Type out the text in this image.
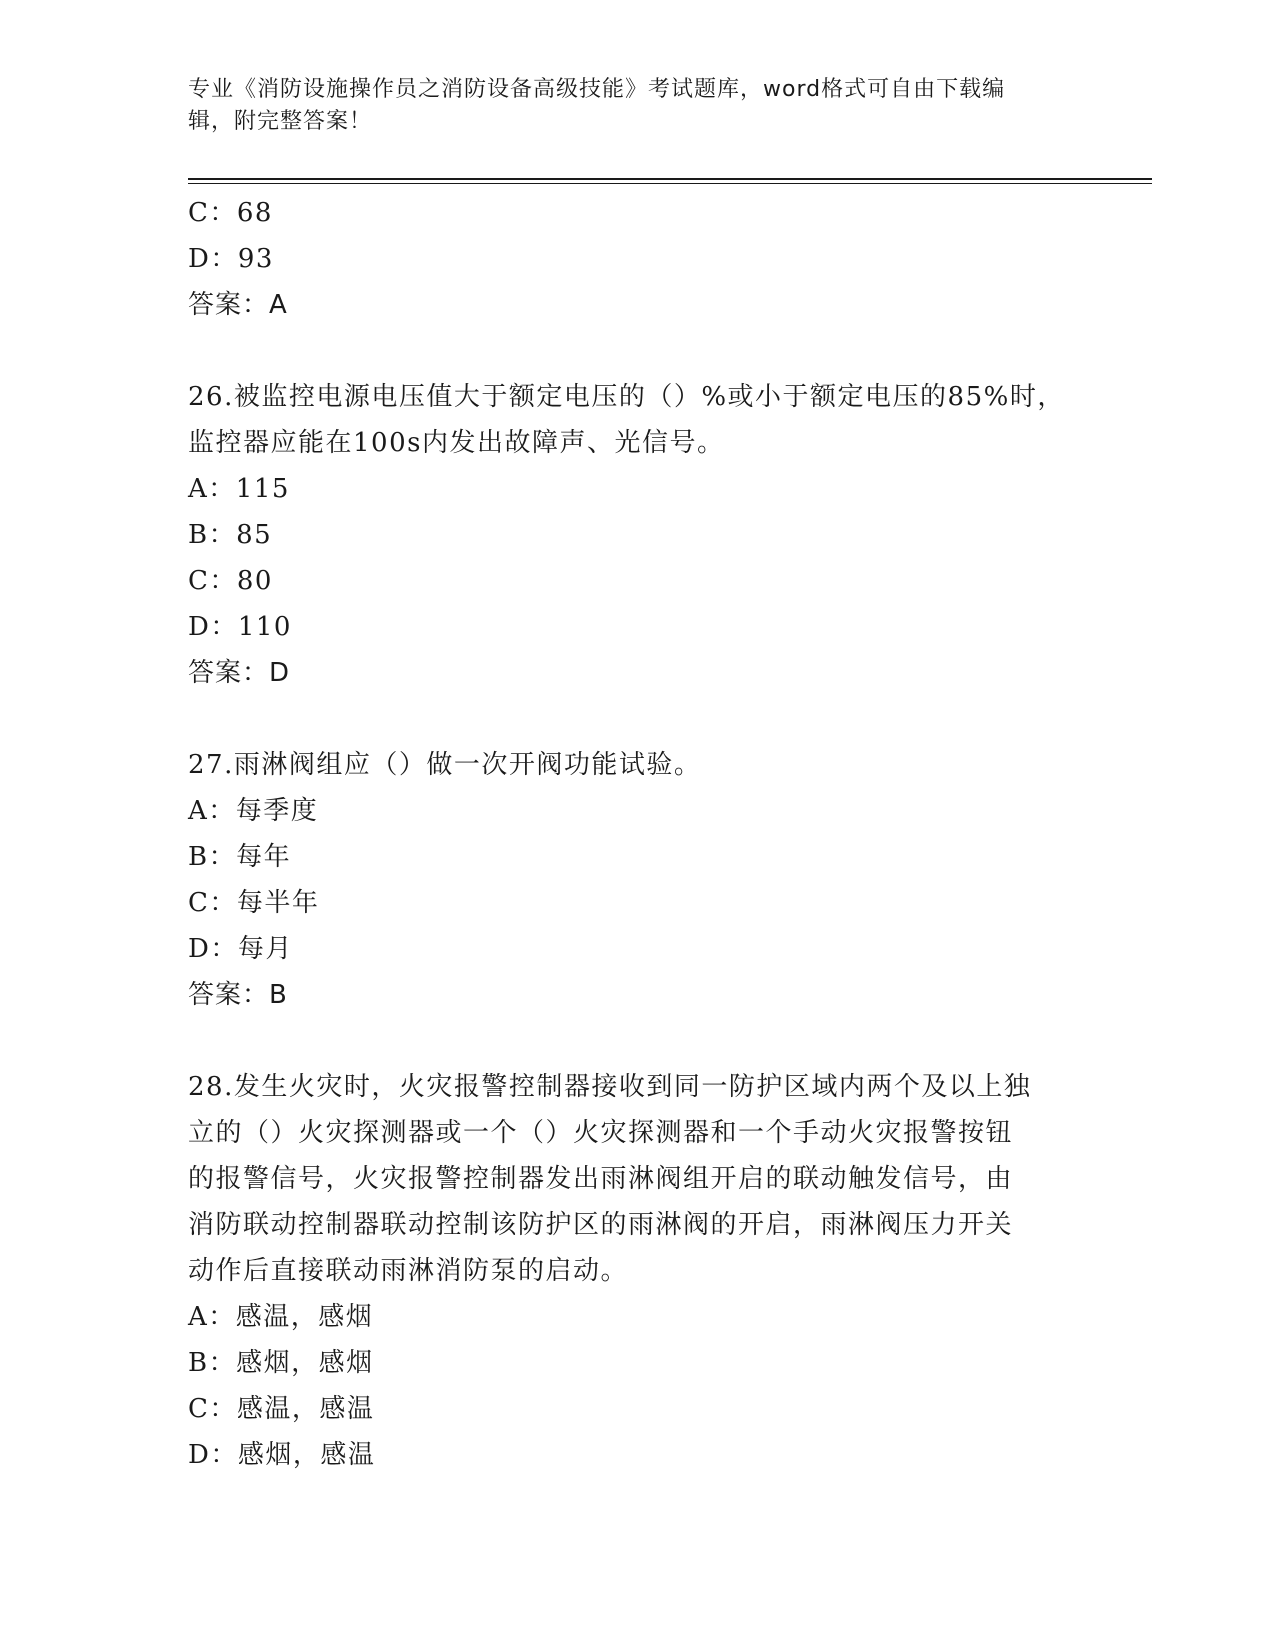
专业《消防设施操作员之消防设备高级技能》考试题库，word格式可自由下载编
辑，附完整答案！
C：68
D：93
答案：A
26.被监控电源电压值大于额定电压的（）%或小于额定电压的85%时，
监控器应能在100s内发出故障声、光信号。
A：115
B：85
C：80
D：110
答案：D
27.雨淋阀组应（）做一次开阀功能试验。
A：每季度
B：每年
C：每半年
D：每月
答案：B
28.发生火灾时，火灾报警控制器接收到同一防护区域内两个及以上独
立的（）火灾探测器或一个（）火灾探测器和一个手动火灾报警按钮
的报警信号，火灾报警控制器发出雨淋阀组开启的联动触发信号，由
消防联动控制器联动控制该防护区的雨淋阀的开启，雨淋阀压力开关
动作后直接联动雨淋消防泵的启动。
A：感温，感烟
B：感烟，感烟
C：感温，感温
D：感烟，感温
